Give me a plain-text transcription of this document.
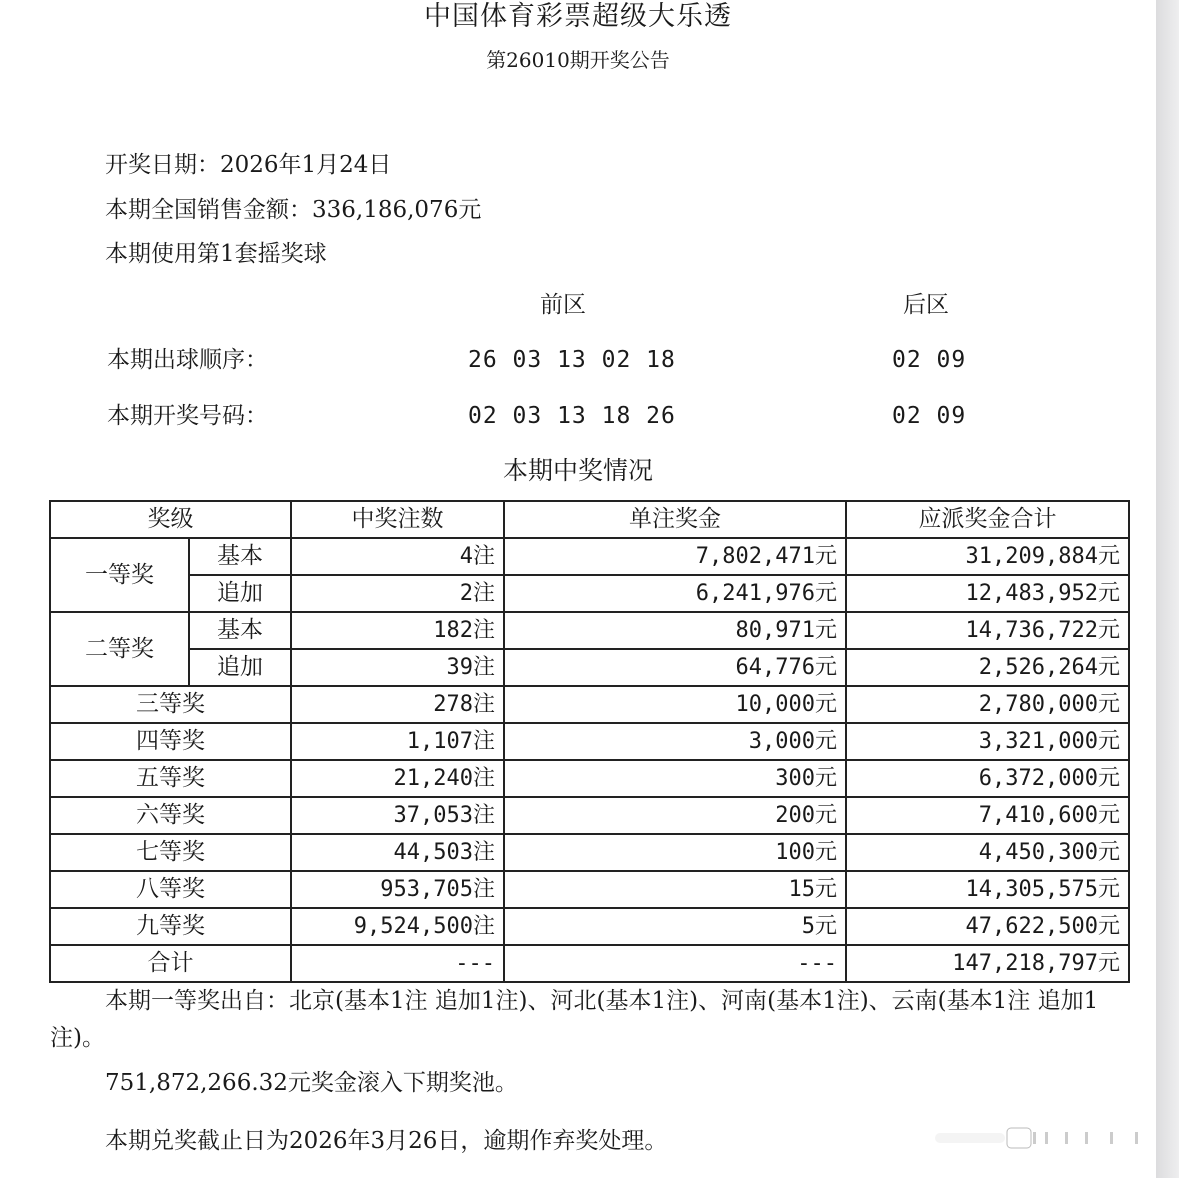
中国体育彩票超级大乐透
第26010期开奖公告
开奖日期：2026年1月24日
本期全国销售金额：336,186,076元
本期使用第1套摇奖球
前区	后区
本期出球顺序：	26 03 13 02 18	02 09
本期开奖号码：	02 03 13 18 26	02 09
本期中奖情况
奖级		中奖注数	单注奖金	应派奖金合计
一等奖	基本	4注	7,802,471元	31,209,884元
	追加	2注	6,241,976元	12,483,952元
二等奖	基本	182注	80,971元	14,736,722元
	追加	39注	64,776元	2,526,264元
三等奖		278注	10,000元	2,780,000元
四等奖		1,107注	3,000元	3,321,000元
五等奖		21,240注	300元	6,372,000元
六等奖		37,053注	200元	7,410,600元
七等奖		44,503注	100元	4,450,300元
八等奖		953,705注	15元	14,305,575元
九等奖		9,524,500注	5元	47,622,500元
合计		---	---	147,218,797元
本期一等奖出自：北京(基本1注 追加1注)、河北(基本1注)、河南(基本1注)、云南(基本1注 追加1注)。
751,872,266.32元奖金滚入下期奖池。
本期兑奖截止日为2026年3月26日，逾期作弃奖处理。
